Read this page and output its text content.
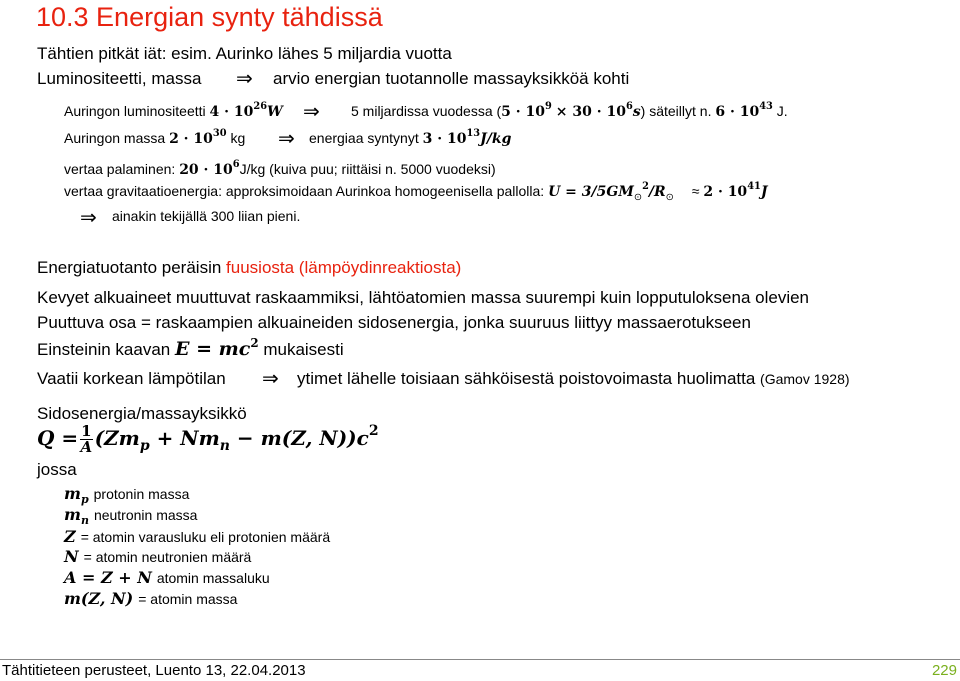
10.3 Energian synty tähdissä
Tähtien pitkät iät: esim. Aurinko lähes 5 miljardia vuotta
Luminositeetti, massa ⇒ arvio energian tuotannolle massayksikköä kohti
Auringon luminositeetti $4 \cdot 10^{26}W$ ⇒ 5 miljardissa vuodessa $(5 \cdot 10^9 \times 30 \cdot 10^6s)$ säteillyt n. $6 \cdot 10^{43}$ J.
Auringon massa $2 \cdot 10^{30}$ kg ⇒ energiaa syntynyt $3 \cdot 10^{13}J/kg$
vertaa palaminen: $20 \cdot 10^6J/kg$ (kuiva puu; riittäisi n. 5000 vuodeksi)
vertaa gravitaatioenergia: approksimoidaan Aurinkoa homogeenisella pallolla: $U = 3/5GM_⊙^2/R_⊙ \approx 2 \cdot 10^{41}J$
⇒ ainakin tekijällä 300 liian pieni.
Energiatuotanto peräisin fuusiosta (lämpöydinreaktiosta)
Kevyet alkuaineet muuttuvat raskaammiksi, lähtöatomien massa suurempi kuin lopputuloksena olevien
Puuttuva osa = raskaampien alkuaineiden sidosenergia, jonka suuruus liittyy massaerotukseen
Einsteinin kaavan $E = mc^2$ mukaisesti
Vaatii korkean lämpötilan ⇒ ytimet lähelle toisiaan sähköisestä poistovoimasta huolimatta (Gamov 1928)
Sidosenergia/massayksikkö
$Q = \frac{1}{A} (Zm_p + Nm_n - m(Z$, $N))c^2$
jossa
$m_p$ protonin massa
$m_n$ neutronin massa
Z = atomin varausluku eli protonien määrä
N = atomin neutronien määrä
A = Z + N atomin massaluku
m(Z, N) = atomin massa
Tähtitieteen perusteet, Luento 13, 22.04.2013	229
